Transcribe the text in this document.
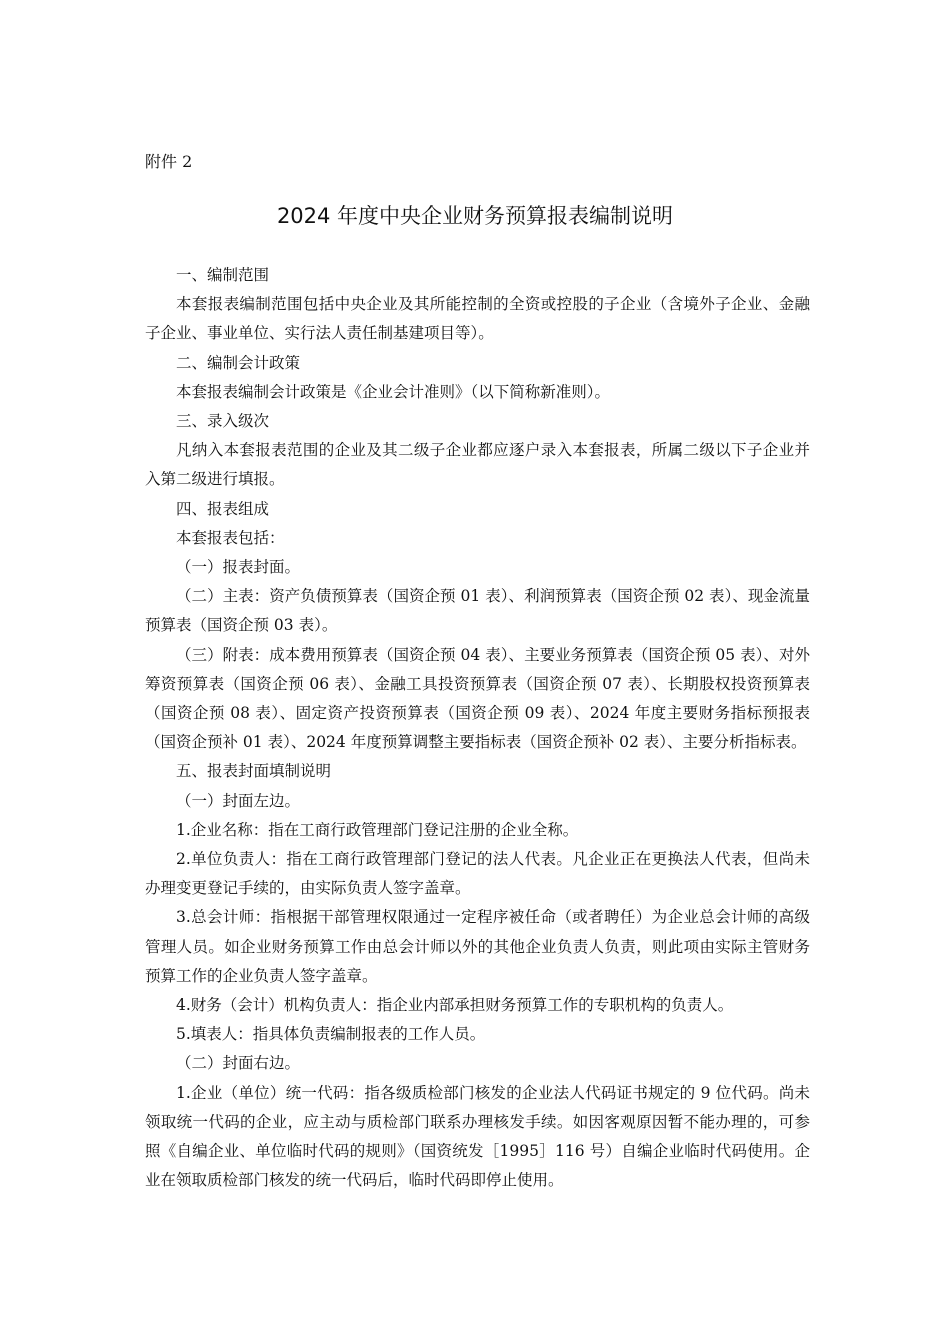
附件 2
2024 年度中央企业财务预算报表编制说明

一、编制范围

本套报表编制范围包括中央企业及其所能控制的全资或控股的子企业（含境外子企业、金融子企业、事业单位、实行法人责任制基建项目等）。

二、编制会计政策

本套报表编制会计政策是《企业会计准则》（以下简称新准则）。

三、录入级次

凡纳入本套报表范围的企业及其二级子企业都应逐户录入本套报表，所属二级以下子企业并入第二级进行填报。

四、报表组成

本套报表包括：

（一）报表封面。

（二）主表：资产负债预算表（国资企预 01 表）、利润预算表（国资企预 02 表）、现金流量预算表（国资企预 03 表）。

（三）附表：成本费用预算表（国资企预 04 表）、主要业务预算表（国资企预 05 表）、对外筹资预算表（国资企预 06 表）、金融工具投资预算表（国资企预 07 表）、长期股权投资预算表（国资企预 08 表）、固定资产投资预算表（国资企预 09 表）、2024 年度主要财务指标预报表（国资企预补 01 表）、2024 年度预算调整主要指标表（国资企预补 02 表）、主要分析指标表。

五、报表封面填制说明

（一）封面左边。

1.企业名称：指在工商行政管理部门登记注册的企业全称。

2.单位负责人：指在工商行政管理部门登记的法人代表。凡企业正在更换法人代表，但尚未办理变更登记手续的，由实际负责人签字盖章。

3.总会计师：指根据干部管理权限通过一定程序被任命（或者聘任）为企业总会计师的高级管理人员。如企业财务预算工作由总会计师以外的其他企业负责人负责，则此项由实际主管财务预算工作的企业负责人签字盖章。

4.财务（会计）机构负责人：指企业内部承担财务预算工作的专职机构的负责人。

5.填表人：指具体负责编制报表的工作人员。

（二）封面右边。

1.企业（单位）统一代码：指各级质检部门核发的企业法人代码证书规定的 9 位代码。尚未领取统一代码的企业，应主动与质检部门联系办理核发手续。如因客观原因暂不能办理的，可参照《自编企业、单位临时代码的规则》（国资统发［1995］116 号）自编企业临时代码使用。企业在领取质检部门核发的统一代码后，临时代码即停止使用。
